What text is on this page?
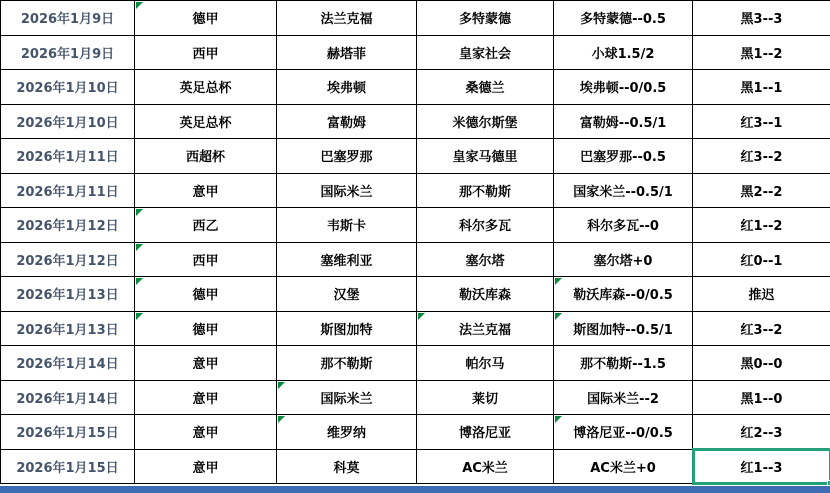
2026年1月9日	德甲	法兰克福	多特蒙德	多特蒙德--0.5	黑3--3
2026年1月9日	西甲	赫塔菲	皇家社会	小球1.5/2	黑1--2
2026年1月10日	英足总杯	埃弗顿	桑德兰	埃弗顿--0/0.5	黑1--1
2026年1月10日	英足总杯	富勒姆	米德尔斯堡	富勒姆--0.5/1	红3--1
2026年1月11日	西超杯	巴塞罗那	皇家马德里	巴塞罗那--0.5	红3--2
2026年1月11日	意甲	国际米兰	那不勒斯	国家米兰--0.5/1	黑2--2
2026年1月12日	西乙	韦斯卡	科尔多瓦	科尔多瓦--0	红1--2
2026年1月12日	西甲	塞维利亚	塞尔塔	塞尔塔+0	红0--1
2026年1月13日	德甲	汉堡	勒沃库森	勒沃库森--0/0.5	推迟
2026年1月13日	德甲	斯图加特	法兰克福	斯图加特--0.5/1	红3--2
2026年1月14日	意甲	那不勒斯	帕尔马	那不勒斯--1.5	黑0--0
2026年1月14日	意甲	国际米兰	莱切	国际米兰--2	黑1--0
2026年1月15日	意甲	维罗纳	博洛尼亚	博洛尼亚--0/0.5	红2--3
2026年1月15日	意甲	科莫	AC米兰	AC米兰+0	红1--3
